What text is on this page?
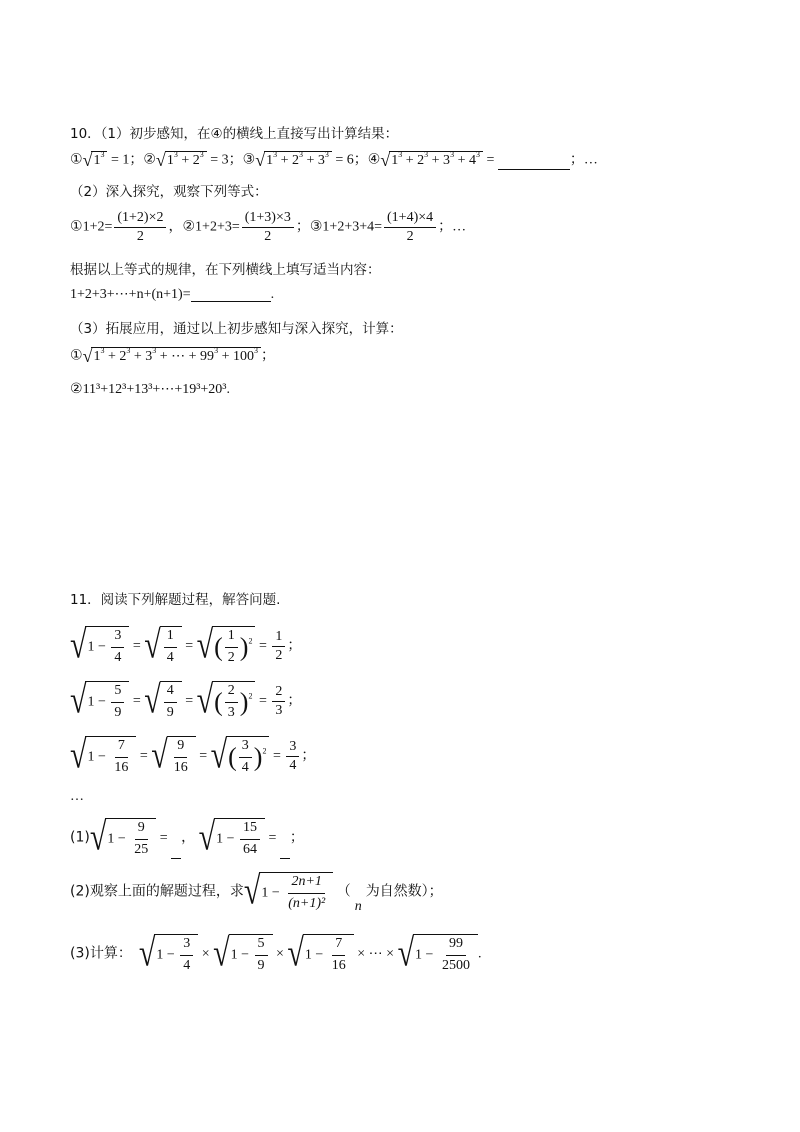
10．（1）初步感知，在④的横线上直接写出计算结果：
$①√1^3 = 1$；$②√1^3 + 2^3 = 3$；$③√1^3 + 2^3 + 3^3 = 6$；$④√1^3 + 2^3 + 3^3 + 4^3$ =	；…
（2）深入探究，观察下列等式：
①1+2= $\frac{(1+2)\times 2}{2}$ ，②1+2+3= $\frac{(1+3)\times 3}{2}$ ；③1+2+3+4= $\frac{(1+4)\times 4}{2}$ ；…
根据以上等式的规律，在下列横线上填写适当内容：
1+2+3+⋯+n+(n+1)=	.
（3）拓展应用，通过以上初步感知与深入探究，计算：
$①√1^3 + 2^3 + 3^3$ + ⋯ + $99^3 + 100^3$ ；
②11³+12³+13³+⋯+19³+20³.
11．阅读下列解题过程，解答问题.
$√1 - \frac{3}{4}$ = √ $\frac{1}{4}$ = √( $\frac{1}{2} )^2 = \frac{1}{2}$ ；
$√1 - \frac{5}{9}$ = √ $\frac{4}{9}$ = √( $\frac{2}{3} )^2 = \frac{2}{3}$ ；
$√1 - \frac{7}{16}$ = √ $\frac{9}{16}$ = √( $\frac{3}{4} )^2 = \frac{3}{4}$ ；
…
$(1)√1 - \frac{9}{25}$ = ， $√1 - \frac{15}{64}$ = ；
(2)观察上面的解题过程，求$√1 - \frac{2n+1}{\text{(n+1)²}} (n$为自然数）；
(3)计算： $√1 - \frac{3}{4} \times √1 - \frac{5}{9} \times √1 - \frac{7}{16}$ × ⋯ × $√1 - \frac{99}{2500}$ .
